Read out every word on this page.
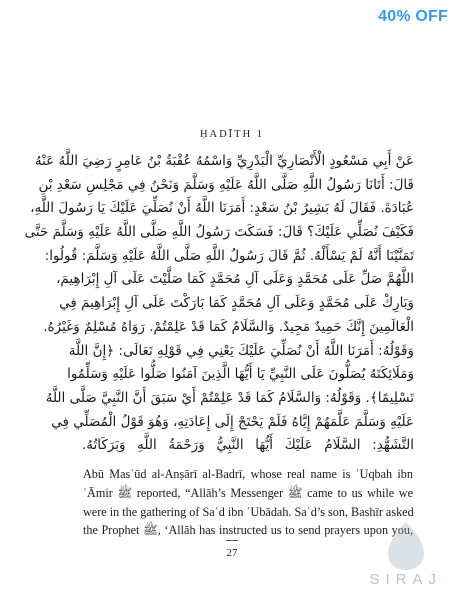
40% OFF
ḤADĪTH 1
عَنْ أَبِي مَسْعُودٍ الْأَنْصَارِيِّ الْبَدْرِيِّ وَاسْمُهُ عُقْبَةُ بْنُ عَامِرٍ رَضِيَ اللَّهُ عَنْهُ
قَالَ: أَتَانَا رَسُولُ اللَّهِ صَلَّى اللَّهُ عَلَيْهِ وَسَلَّمَ وَنَحْنُ فِي مَجْلِسِ سَعْدِ بْنِ
عُبَادَةَ. فَقَالَ لَهُ بَشِيرُ بْنُ سَعْدٍ: أَمَرَنَا اللَّهُ أَنْ نُصَلِّيَ عَلَيْكَ يَا رَسُولَ اللَّهِ،
فَكَيْفَ نُصَلِّي عَلَيْكَ؟ قَالَ: فَسَكَتَ رَسُولُ اللَّهِ صَلَّى اللَّهُ عَلَيْهِ وَسَلَّمَ حَتَّى
تَمَنَّيْنَا أَنَّهُ لَمْ يَسْأَلْهُ. ثُمَّ قَالَ رَسُولُ اللَّهِ صَلَّى اللَّهُ عَلَيْهِ وَسَلَّمَ: قُولُوا:
اللَّهُمَّ صَلِّ عَلَى مُحَمَّدٍ وَعَلَى آلِ مُحَمَّدٍ كَمَا صَلَّيْتَ عَلَى آلِ إِبْرَاهِيمَ،
وَبَارِكْ عَلَى مُحَمَّدٍ وَعَلَى آلِ مُحَمَّدٍ كَمَا بَارَكْتَ عَلَى آلِ إِبْرَاهِيمَ فِي
الْعَالَمِينَ إِنَّكَ حَمِيدٌ مَجِيدٌ. وَالسَّلَامُ كَمَا قَدْ عَلِمْتُمْ. رَوَاهُ مُسْلِمٌ وَغَيْرُهُ.
وَقَوْلُهُ: أَمَرَنَا اللَّهُ أَنْ نُصَلِّيَ عَلَيْكَ يَعْنِي فِي قَوْلِهِ تَعَالَى: ﴿إِنَّ اللَّهَ
وَمَلَائِكَتَهُ يُصَلُّونَ عَلَى النَّبِيِّ يَا أَيُّهَا الَّذِينَ آمَنُوا صَلُّوا عَلَيْهِ وَسَلِّمُوا
تَسْلِيمًا﴾. وَقَوْلُهُ: وَالسَّلَامُ كَمَا قَدْ عَلِمْتُمْ أَيْ سَبَقَ أَنَّ النَّبِيَّ صَلَّى اللَّهُ
عَلَيْهِ وَسَلَّمَ عَلَّمَهُمْ إِيَّاهُ فَلَمْ يَحْتَجْ إِلَى إِعَادَتِهِ، وَهُوَ قَوْلُ الْمُصَلِّي فِي
التَّشَهُّدِ: السَّلَامُ عَلَيْكَ أَيُّهَا النَّبِيُّ وَرَحْمَةُ اللَّهِ وَبَرَكَاتُهُ.
Abū Masʿūd al-Anṣārī al-Badrī, whose real name is ʿUqbah ibn
ʿĀmir ﷺ reported, “Allāh’s Messenger ﷺ came to us while we
were in the gathering of Saʿd ibn ʿUbādah. Saʿd’s son, Bashīr asked
the Prophet ﷺ, ‘Allāh has instructed us to send prayers upon you,
27
SIRAJ
